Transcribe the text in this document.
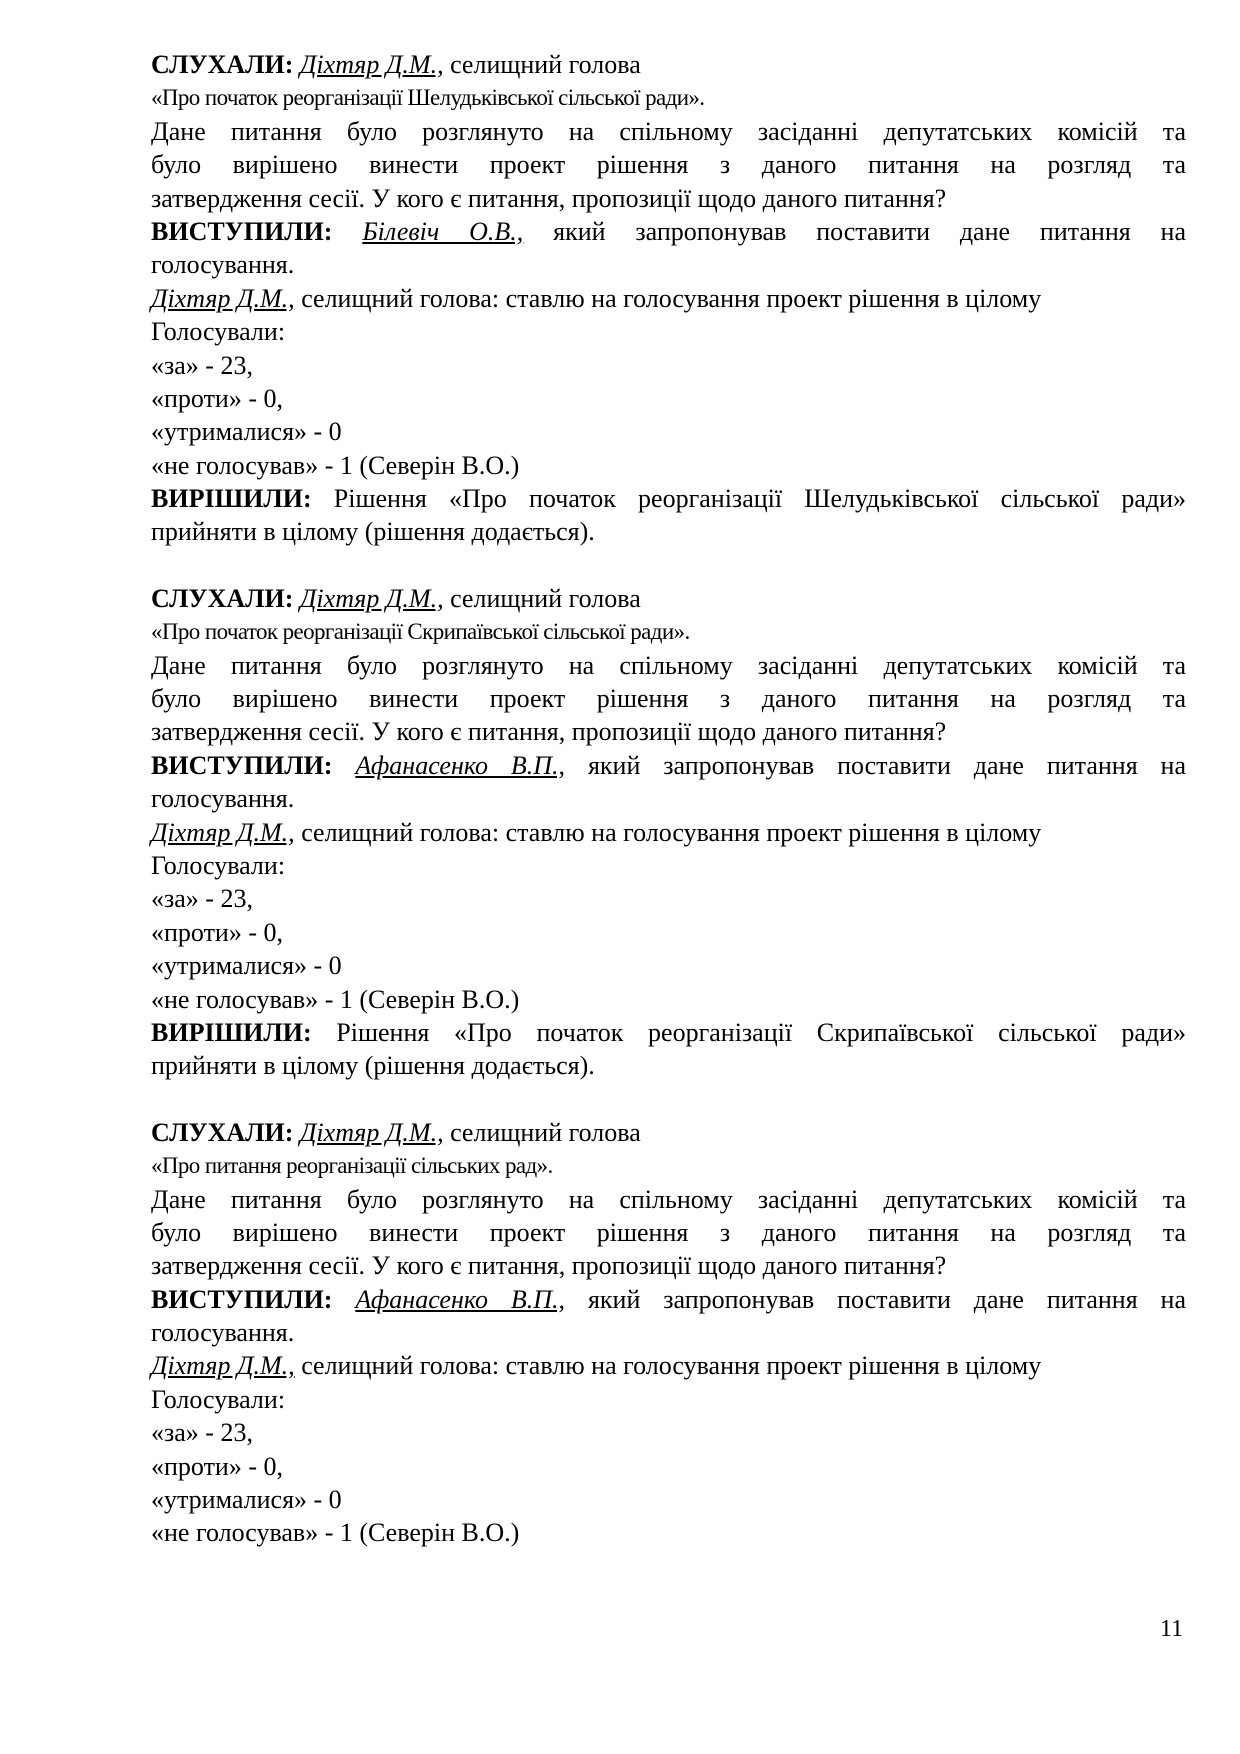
СЛУХАЛИ: Діхтяр Д.М., селищний голова
«Про початок реорганізації Шелудьківської сільської ради».
Дане питання було розглянуто на спільному засіданні депутатських комісій та
було вирішено винести проект рішення з даного питання на розгляд та
затвердження сесії. У кого є питання, пропозиції щодо даного питання?
ВИСТУПИЛИ: Білевіч О.В., який запропонував поставити дане питання на
голосування.
Діхтяр Д.М., селищний голова: ставлю на голосування проект рішення в цілому
Голосували:
«за» - 23,
«проти» - 0,
«утрималися» - 0
«не голосував» - 1 (Северін В.О.)
ВИРІШИЛИ: Рішення «Про початок реорганізації Шелудьківської сільської ради»
прийняти в цілому (рішення додається).
СЛУХАЛИ: Діхтяр Д.М., селищний голова
«Про початок реорганізації Скрипаївської сільської ради».
Дане питання було розглянуто на спільному засіданні депутатських комісій та
було вирішено винести проект рішення з даного питання на розгляд та
затвердження сесії. У кого є питання, пропозиції щодо даного питання?
ВИСТУПИЛИ: Афанасенко В.П., який запропонував поставити дане питання на
голосування.
Діхтяр Д.М., селищний голова: ставлю на голосування проект рішення в цілому
Голосували:
«за» - 23,
«проти» - 0,
«утрималися» - 0
«не голосував» - 1 (Северін В.О.)
ВИРІШИЛИ: Рішення «Про початок реорганізації Скрипаївської сільської ради»
прийняти в цілому (рішення додається).
СЛУХАЛИ: Діхтяр Д.М., селищний голова
«Про питання реорганізації сільських рад».
Дане питання було розглянуто на спільному засіданні депутатських комісій та
було вирішено винести проект рішення з даного питання на розгляд та
затвердження сесії. У кого є питання, пропозиції щодо даного питання?
ВИСТУПИЛИ: Афанасенко В.П., який запропонував поставити дане питання на
голосування.
Діхтяр Д.М., селищний голова: ставлю на голосування проект рішення в цілому
Голосували:
«за» - 23,
«проти» - 0,
«утрималися» - 0
«не голосував» - 1 (Северін В.О.)
11
